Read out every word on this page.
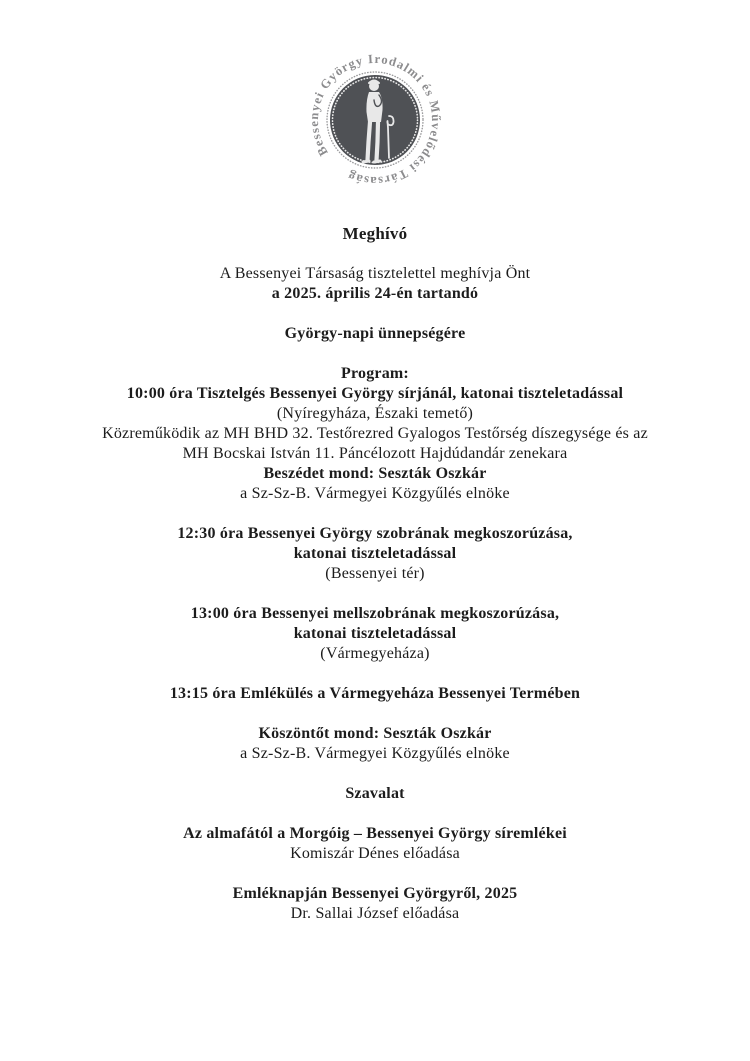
Bessenyei György Irodalmi és Művelődési Társaság
Meghívó
A Bessenyei Társaság tisztelettel meghívja Önt
a 2025. április 24-én tartandó
György-napi ünnepségére
Program:
10:00 óra Tisztelgés Bessenyei György sírjánál, katonai tiszteletadással
(Nyíregyháza, Északi temető)
Közreműködik az MH BHD 32. Testőrezred Gyalogos Testőrség díszegysége és az
MH Bocskai István 11. Páncélozott Hajdúdandár zenekara
Beszédet mond: Seszták Oszkár
a Sz-Sz-B. Vármegyei Közgyűlés elnöke
12:30 óra Bessenyei György szobrának megkoszorúzása,
katonai tiszteletadással
(Bessenyei tér)
13:00 óra Bessenyei mellszobrának megkoszorúzása,
katonai tiszteletadással
(Vármegyeháza)
13:15 óra Emlékülés a Vármegyeháza Bessenyei Termében
Köszöntőt mond: Seszták Oszkár
a Sz-Sz-B. Vármegyei Közgyűlés elnöke
Szavalat
Az almafától a Morgóig – Bessenyei György síremlékei
Komiszár Dénes előadása
Emléknapján Bessenyei Györgyről, 2025
Dr. Sallai József előadása
